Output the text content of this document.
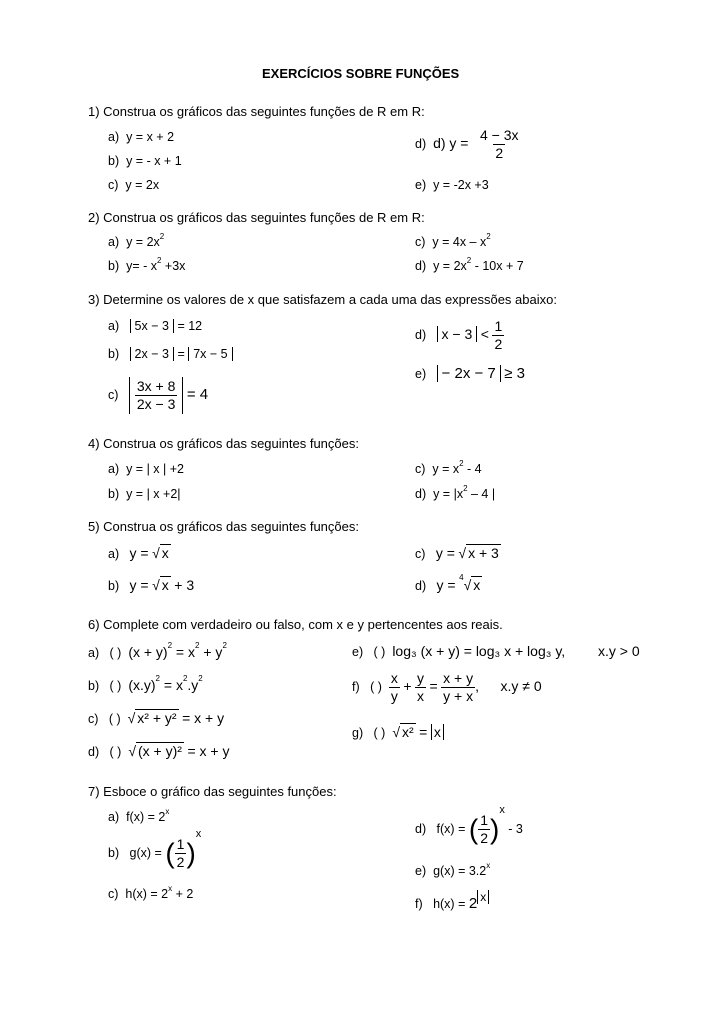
EXERCÍCIOS SOBRE FUNÇÕES
1) Construa os gráficos das seguintes funções de R em R:
a) y = x + 2
b) y = - x + 1
c) y = 2x
d) d) $y = \frac{4 - 3x}{2}$
e) y = -2x +3
2) Construa os gráficos das seguintes funções de R em R:
a) $y = 2x^2$
b) $y= - x^2 +3x$
c) $y = 4x - x^2$
d) $y = 2x^2 - 10x + 7$
3) Determine os valores de x que satisfazem a cada uma das expressões abaixo:
a) 5x − 3 = 12
b) 2x − 3 = 7x − 5
$c) \frac{3x + 8}{2x - 3} = 4$
d) $x - 3 < \frac{1}{2}$
e) − 2x − 7 ≥ 3
4) Construa os gráficos das seguintes funções:
a) y = | x | +2
b) y = | x +2|
c) $y = x^2 - 4$
d) $y = |x^2 - 4$ |
5) Construa os gráficos das seguintes funções:
a) y = √ x
b) y = √ x + 3
c) y = √ x + 3
d) y = $^4$√ x
6) Complete com verdadeiro ou falso, com x e y pertencentes aos reais.
a) ( ) $(x + y)^2 = x^2 + y^2$
b) ( ) $(x.y)^2 = x^2.y^2$
c) ( ) √ x² + y² = x + y
d) ( ) √ (x + y)² = x + y
e) ( ) log₃ (x + y) = log₃ x + log₃ y, x.y > 0
f) ( ) $\frac{x}{y} + \frac{y}{x} = \frac{x + y}{y + x}$ , x.y ≠ 0
g) ( ) √ x² = x
7) Esboce o gráfico das seguintes funções:
a) $f(x) = 2^x$
b) g(x) = ( $\frac{1}{2} )^x$
c) $h(x) = 2^x + 2$
d) f(x) = ( $\frac{1}{2} )^x - 3$
e) $g(x) = 3.2^x$
f) h(x) = 2 x
